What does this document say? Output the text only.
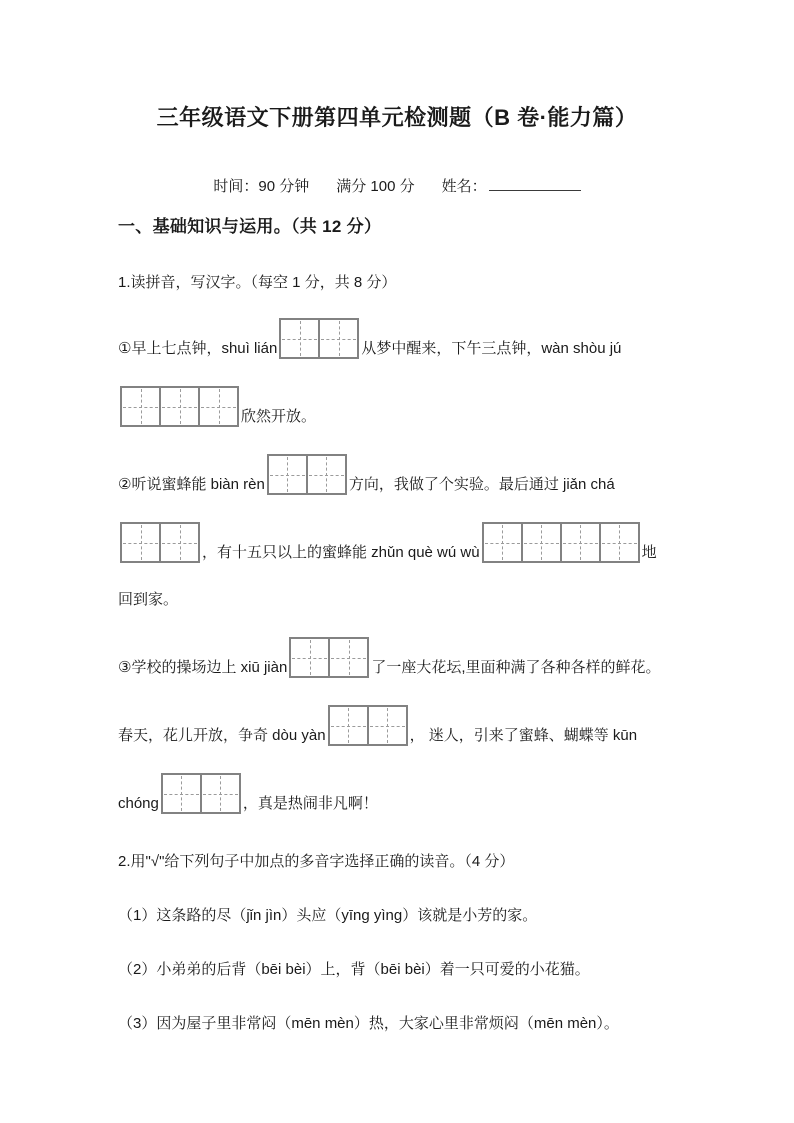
三年级语文下册第四单元检测题（B 卷·能力篇）
时间：90 分钟 满分 100 分 姓名：
一、基础知识与运用。（共 12 分）

1.读拼音，写汉字。（每空 1 分，共 8 分）

①早上七点钟，shuì lián	从梦中醒来，下午三点钟，wàn shòu jú
欣然开放。
②听说蜜蜂能 biàn rèn	方向，我做了个实验。最后通过 jiǎn chá
，有十五只以上的蜜蜂能 zhǔn què wú wù	地
回到家。
③学校的操场边上 xiū jiàn	了一座大花坛,里面种满了各种各样的鲜花。
春天，花儿开放，争奇 dòu yàn	， 迷人，引来了蜜蜂、蝴蝶等 kūn
chóng	，真是热闹非凡啊！

2.用"√"给下列句子中加点的多音字选择正确的读音。（4 分）

（1）这条路的尽（jǐn jìn）头应（yīng yìng）该就是小芳的家。

（2）小弟弟的后背（bēi bèi）上，背（bēi bèi）着一只可爱的小花猫。

（3）因为屋子里非常闷（mēn mèn）热，大家心里非常烦闷（mēn mèn）。
